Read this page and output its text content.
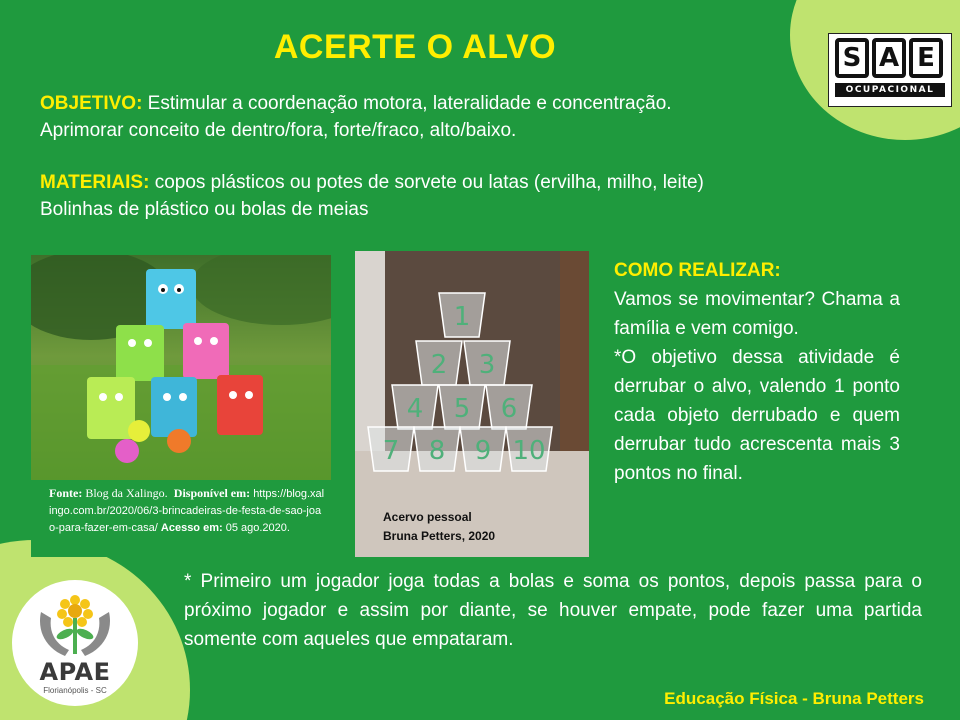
ACERTE O ALVO
OBJETIVO: Estimular a coordenação motora, lateralidade e concentração.
Aprimorar conceito de dentro/fora, forte/fraco, alto/baixo.
MATERIAIS: copos plásticos ou potes de sorvete ou latas (ervilha, milho, leite)
Bolinhas de plástico ou bolas de meias
S A E
OCUPACIONAL
Fonte: Blog da Xalingo. Disponível em: https://blog.xalingo.com.br/2020/06/3-brincadeiras-de-festa-de-sao-joao-para-fazer-em-casa/ Acesso em: 05 ago.2020.
1
2 3
4 5 6
7 8 9 10
Acervo pessoal
Bruna Petters, 2020
COMO REALIZAR:
Vamos se movimentar? Chama a família e vem comigo.
*O objetivo dessa atividade é derrubar o alvo, valendo 1 ponto cada objeto derrubado e quem derrubar tudo acrescenta mais 3 pontos no final.
* Primeiro um jogador joga todas a bolas e soma os pontos, depois passa para o próximo jogador e assim por diante, se houver empate, pode fazer uma partida somente com aqueles que empataram.
APAE
Florianópolis - SC	Educação Física - Bruna Petters
